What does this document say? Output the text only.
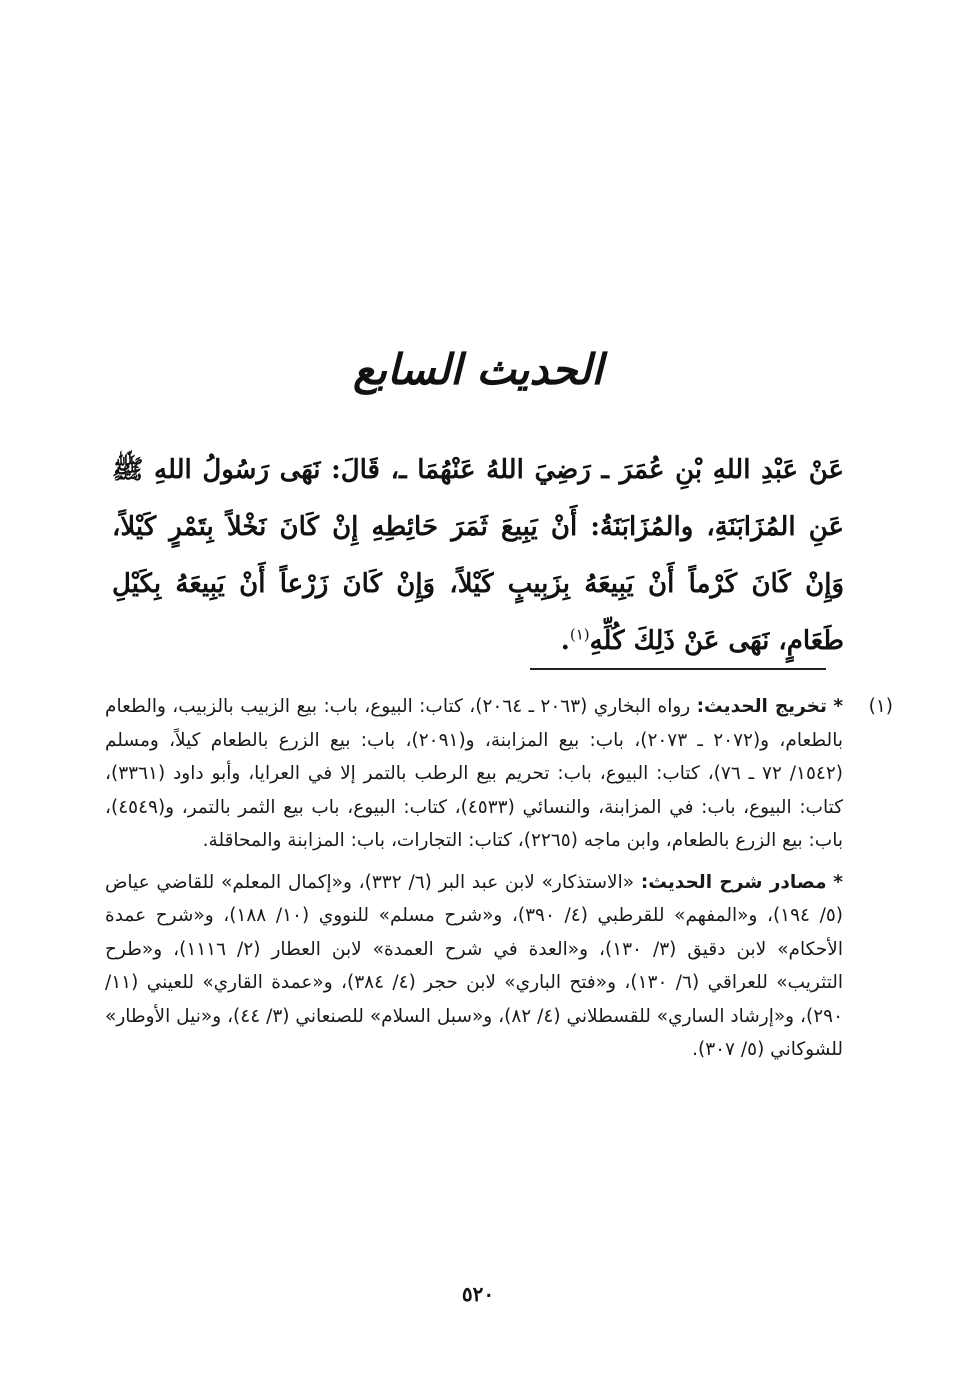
الحديث السابع
عَنْ عَبْدِ اللهِ بْنِ عُمَرَ ـ رَضِيَ اللهُ عَنْهُمَا ـ، قَالَ: نَهَى رَسُولُ اللهِ ﷺ عَنِ المُزَابَنَةِ، والمُزَابَنَةُ: أَنْ يَبِيعَ ثَمَرَ حَائِطِهِ إِنْ كَانَ نَخْلاً بِتَمْرٍ كَيْلاً، وَإِنْ كَانَ كَرْماً أَنْ يَبِيعَهُ بِزَبِيبٍ كَيْلاً، وَإِنْ كَانَ زَرْعاً أَنْ يَبِيعَهُ بِكَيْلِ طَعَامٍ، نَهَى عَنْ ذَلِكَ كُلِّهِ$^{(١)}$.
(١)
* تخريج الحديث: رواه البخاري (٢٠٦٣ ـ ٢٠٦٤)، كتاب: البيوع، باب: بيع الزبيب بالزبيب، والطعام بالطعام، و(٢٠٧٢ ـ ٢٠٧٣)، باب: بيع المزابنة، و(٢٠٩١)، باب: بيع الزرع بالطعام كيلاً، ومسلم (١٥٤٢/ ٧٢ ـ ٧٦)، كتاب: البيوع، باب: تحريم بيع الرطب بالتمر إلا في العرايا، وأبو داود (٣٣٦١)، كتاب: البيوع، باب: في المزابنة، والنسائي (٤٥٣٣)، كتاب: البيوع، باب بيع الثمر بالتمر، و(٤٥٤٩)، باب: بيع الزرع بالطعام، وابن ماجه (٢٢٦٥)، كتاب: التجارات، باب: المزابنة والمحاقلة.
* مصادر شرح الحديث: «الاستذكار» لابن عبد البر (٦/ ٣٣٢)، و«إكمال المعلم» للقاضي عياض (٥/ ١٩٤)، و«المفهم» للقرطبي (٤/ ٣٩٠)، و«شرح مسلم» للنووي (١٠/ ١٨٨)، و«شرح عمدة الأحكام» لابن دقيق (٣/ ١٣٠)، و«العدة في شرح العمدة» لابن العطار (٢/ ١١١٦)، و«طرح التثريب» للعراقي (٦/ ١٣٠)، و«فتح الباري» لابن حجر (٤/ ٣٨٤)، و«عمدة القاري» للعيني (١١/ ٢٩٠)، و«إرشاد الساري» للقسطلاني (٤/ ٨٢)، و«سبل السلام» للصنعاني (٣/ ٤٤)، و«نيل الأوطار» للشوكاني (٥/ ٣٠٧).
٥٢٠
